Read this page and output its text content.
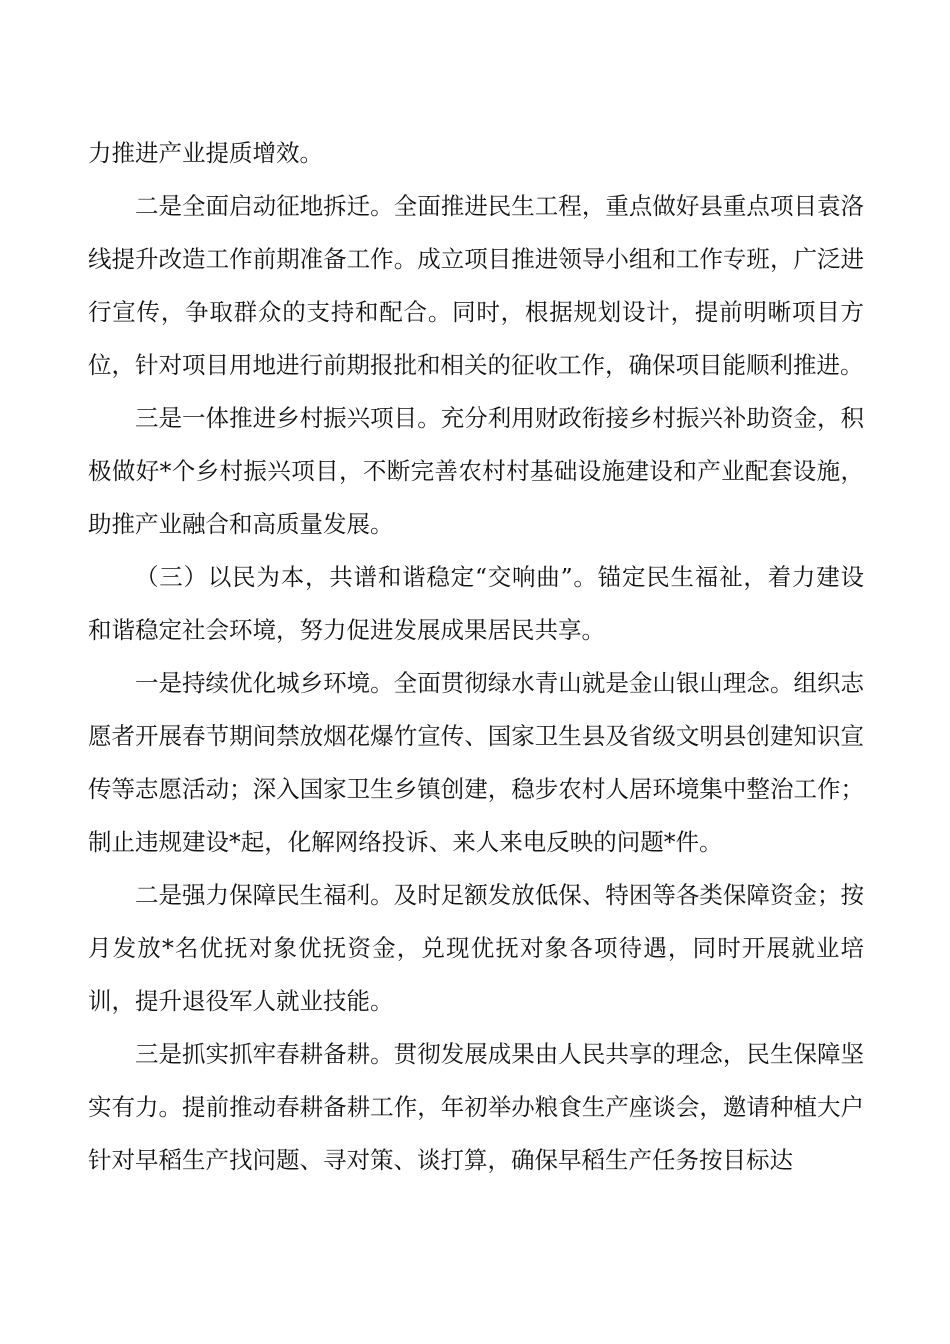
力推进产业提质增效。

二是全面启动征地拆迁。全面推进民生工程，重点做好县重点项目袁洛线提升改造工作前期准备工作。成立项目推进领导小组和工作专班，广泛进行宣传，争取群众的支持和配合。同时，根据规划设计，提前明晰项目方位，针对项目用地进行前期报批和相关的征收工作，确保项目能顺利推进。

三是一体推进乡村振兴项目。充分利用财政衔接乡村振兴补助资金，积极做好*个乡村振兴项目，不断完善农村村基础设施建设和产业配套设施，助推产业融合和高质量发展。

（三）以民为本，共谱和谐稳定“交响曲”。锚定民生福祉，着力建设和谐稳定社会环境，努力促进发展成果居民共享。

一是持续优化城乡环境。全面贯彻绿水青山就是金山银山理念。组织志愿者开展春节期间禁放烟花爆竹宣传、国家卫生县及省级文明县创建知识宣传等志愿活动；深入国家卫生乡镇创建，稳步农村人居环境集中整治工作；制止违规建设*起，化解网络投诉、来人来电反映的问题*件。

二是强力保障民生福利。及时足额发放低保、特困等各类保障资金；按月发放*名优抚对象优抚资金，兑现优抚对象各项待遇，同时开展就业培训，提升退役军人就业技能。

三是抓实抓牢春耕备耕。贯彻发展成果由人民共享的理念，民生保障坚实有力。提前推动春耕备耕工作，年初举办粮食生产座谈会，邀请种植大户针对早稻生产找问题、寻对策、谈打算，确保早稻生产任务按目标达
